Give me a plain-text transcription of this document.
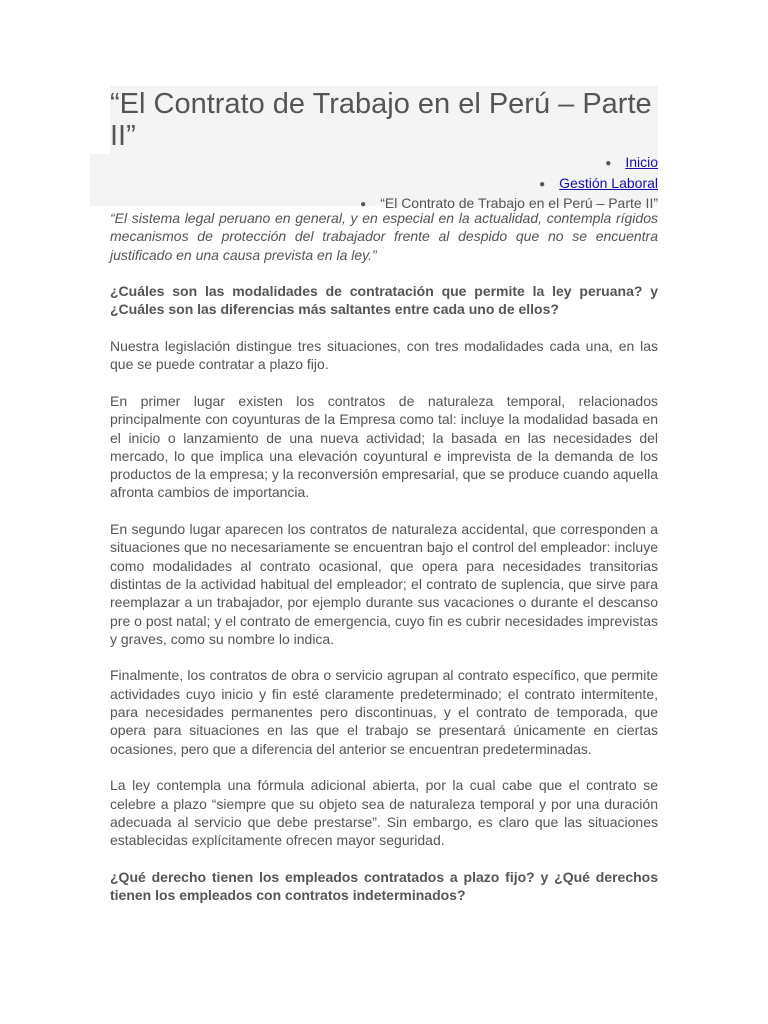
“El Contrato de Trabajo en el Perú – Parte II”
● Inicio
● Gestión Laboral
● “El Contrato de Trabajo en el Perú – Parte II”

“El sistema legal peruano en general, y en especial en la actualidad, contempla rígidos mecanismos de protección del trabajador frente al despido que no se encuentra justificado en una causa prevista en la ley.”

¿Cuáles son las modalidades de contratación que permite la ley peruana? y ¿Cuáles son las diferencias más saltantes entre cada uno de ellos?

Nuestra legislación distingue tres situaciones, con tres modalidades cada una, en las que se puede contratar a plazo fijo.

En primer lugar existen los contratos de naturaleza temporal, relacionados principalmente con coyunturas de la Empresa como tal: incluye la modalidad basada en el inicio o lanzamiento de una nueva actividad; la basada en las necesidades del mercado, lo que implica una elevación coyuntural e imprevista de la demanda de los productos de la empresa; y la reconversión empresarial, que se produce cuando aquella afronta cambios de importancia.

En segundo lugar aparecen los contratos de naturaleza accidental, que corresponden a situaciones que no necesariamente se encuentran bajo el control del empleador: incluye como modalidades al contrato ocasional, que opera para necesidades transitorias distintas de la actividad habitual del empleador; el contrato de suplencia, que sirve para reemplazar a un trabajador, por ejemplo durante sus vacaciones o durante el descanso pre o post natal; y el contrato de emergencia, cuyo fin es cubrir necesidades imprevistas y graves, como su nombre lo indica.

Finalmente, los contratos de obra o servicio agrupan al contrato específico, que permite actividades cuyo inicio y fin esté claramente predeterminado; el contrato intermitente, para necesidades permanentes pero discontinuas, y el contrato de temporada, que opera para situaciones en las que el trabajo se presentará únicamente en ciertas ocasiones, pero que a diferencia del anterior se encuentran predeterminadas.

La ley contempla una fórmula adicional abierta, por la cual cabe que el contrato se celebre a plazo “siempre que su objeto sea de naturaleza temporal y por una duración adecuada al servicio que debe prestarse”. Sin embargo, es claro que las situaciones establecidas explícitamente ofrecen mayor seguridad.

¿Qué derecho tienen los empleados contratados a plazo fijo? y ¿Qué derechos tienen los empleados con contratos indeterminados?
